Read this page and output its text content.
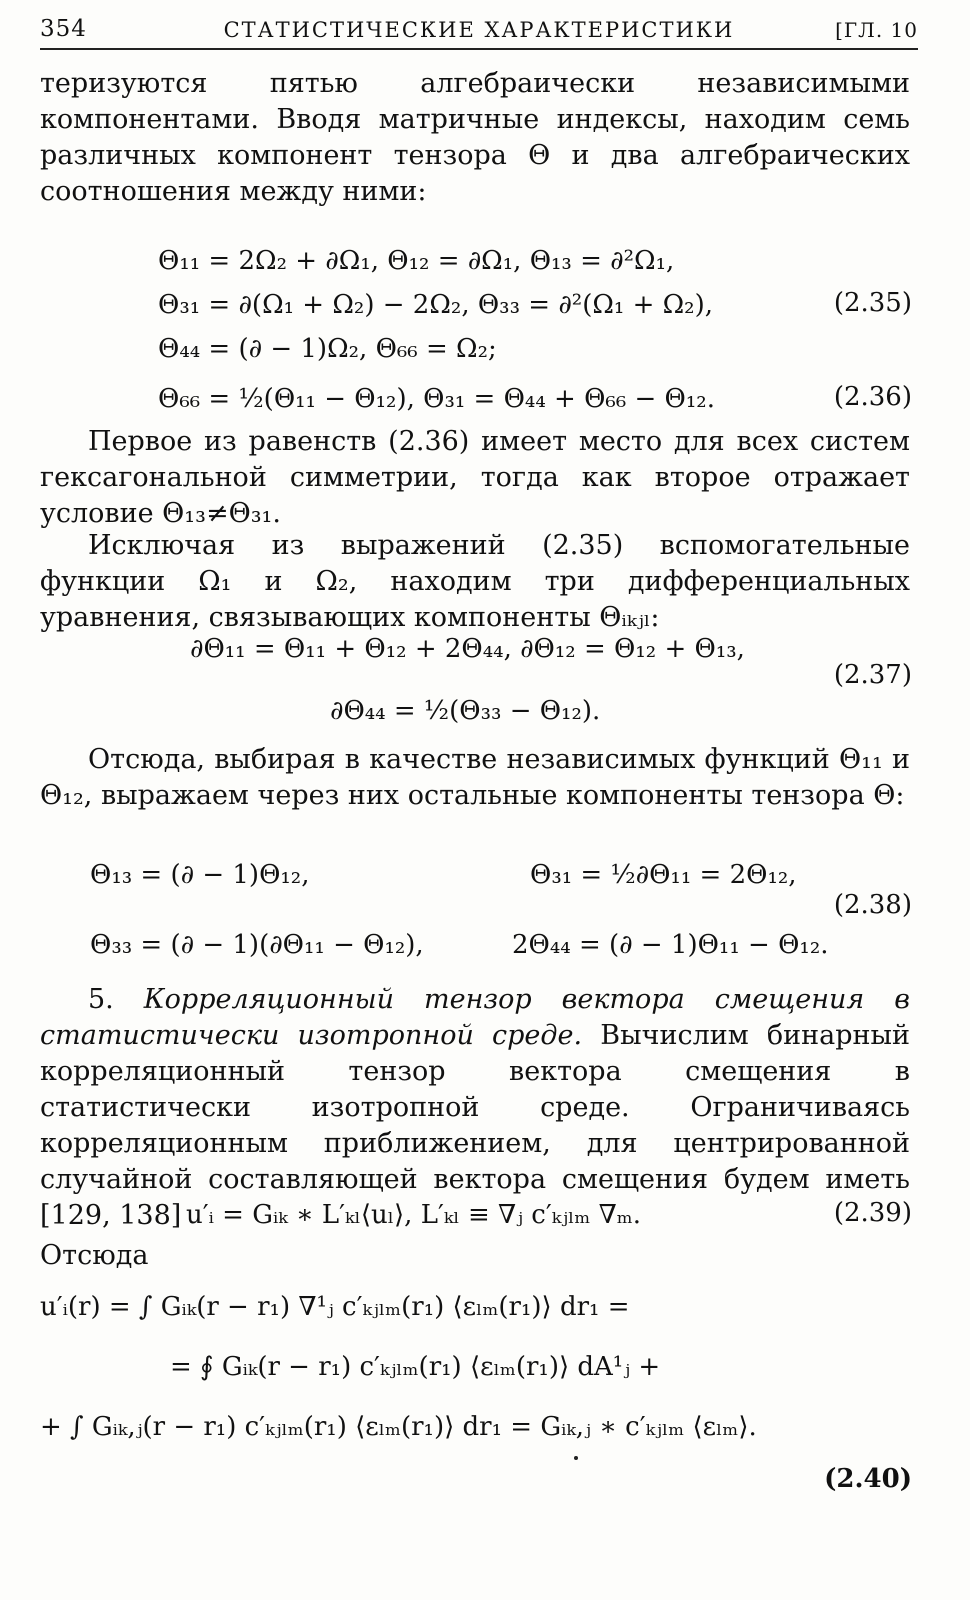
354	СТАТИСТИЧЕСКИЕ ХАРАКТЕРИСТИКИ	[ГЛ. 10
теризуются пятью алгебраически независимыми компонентами. Вводя матричные индексы, находим семь различных компонент тензора Θ и два алгебраических соотношения между ними:
Θ₁₁ = 2Ω₂ + ∂Ω₁, Θ₁₂ = ∂Ω₁, Θ₁₃ = ∂²Ω₁,
Θ₃₁ = ∂(Ω₁ + Ω₂) − 2Ω₂, Θ₃₃ = ∂²(Ω₁ + Ω₂),	(2.35)
Θ₄₄ = (∂ − 1)Ω₂, Θ₆₆ = Ω₂;
Θ₆₆ = ½(Θ₁₁ − Θ₁₂), Θ₃₁ = Θ₄₄ + Θ₆₆ − Θ₁₂.	(2.36)
Первое из равенств (2.36) имеет место для всех систем гексагональной симметрии, тогда как второе отражает условие Θ₁₃≠Θ₃₁.
Исключая из выражений (2.35) вспомогательные функции Ω₁ и Ω₂, находим три дифференциальных уравнения, связывающих компоненты Θᵢₖⱼₗ:
∂Θ₁₁ = Θ₁₁ + Θ₁₂ + 2Θ₄₄, ∂Θ₁₂ = Θ₁₂ + Θ₁₃,
(2.37)
∂Θ₄₄ = ½(Θ₃₃ − Θ₁₂).
Отсюда, выбирая в качестве независимых функций Θ₁₁ и Θ₁₂, выражаем через них остальные компоненты тензора Θ:
Θ₁₃ = (∂ − 1)Θ₁₂,	Θ₃₁ = ½∂Θ₁₁ = 2Θ₁₂,
(2.38)
Θ₃₃ = (∂ − 1)(∂Θ₁₁ − Θ₁₂),	2Θ₄₄ = (∂ − 1)Θ₁₁ − Θ₁₂.
5. Корреляционный тензор вектора смещения в статистически изотропной среде. Вычислим бинарный корреляционный тензор вектора смещения в статистически изотропной среде. Ограничиваясь корреляционным приближением, для центрированной случайной составляющей вектора смещения будем иметь [129, 138] u′ᵢ = Gᵢₖ ∗ L′ₖₗ⟨uₗ⟩, L′ₖₗ ≡ ∇ⱼ c′ₖⱼₗₘ ∇ₘ.	(2.39)
Отсюда
u′ᵢ(r) = ∫ Gᵢₖ(r − r₁) ∇¹ⱼ c′ₖⱼₗₘ(r₁) ⟨εₗₘ(r₁)⟩ dr₁ =
= ∮ Gᵢₖ(r − r₁) c′ₖⱼₗₘ(r₁) ⟨εₗₘ(r₁)⟩ dA¹ⱼ +
+ ∫ Gᵢₖ,ⱼ(r − r₁) c′ₖⱼₗₘ(r₁) ⟨εₗₘ(r₁)⟩ dr₁ = Gᵢₖ,ⱼ ∗ c′ₖⱼₗₘ ⟨εₗₘ⟩.
(2.40)
